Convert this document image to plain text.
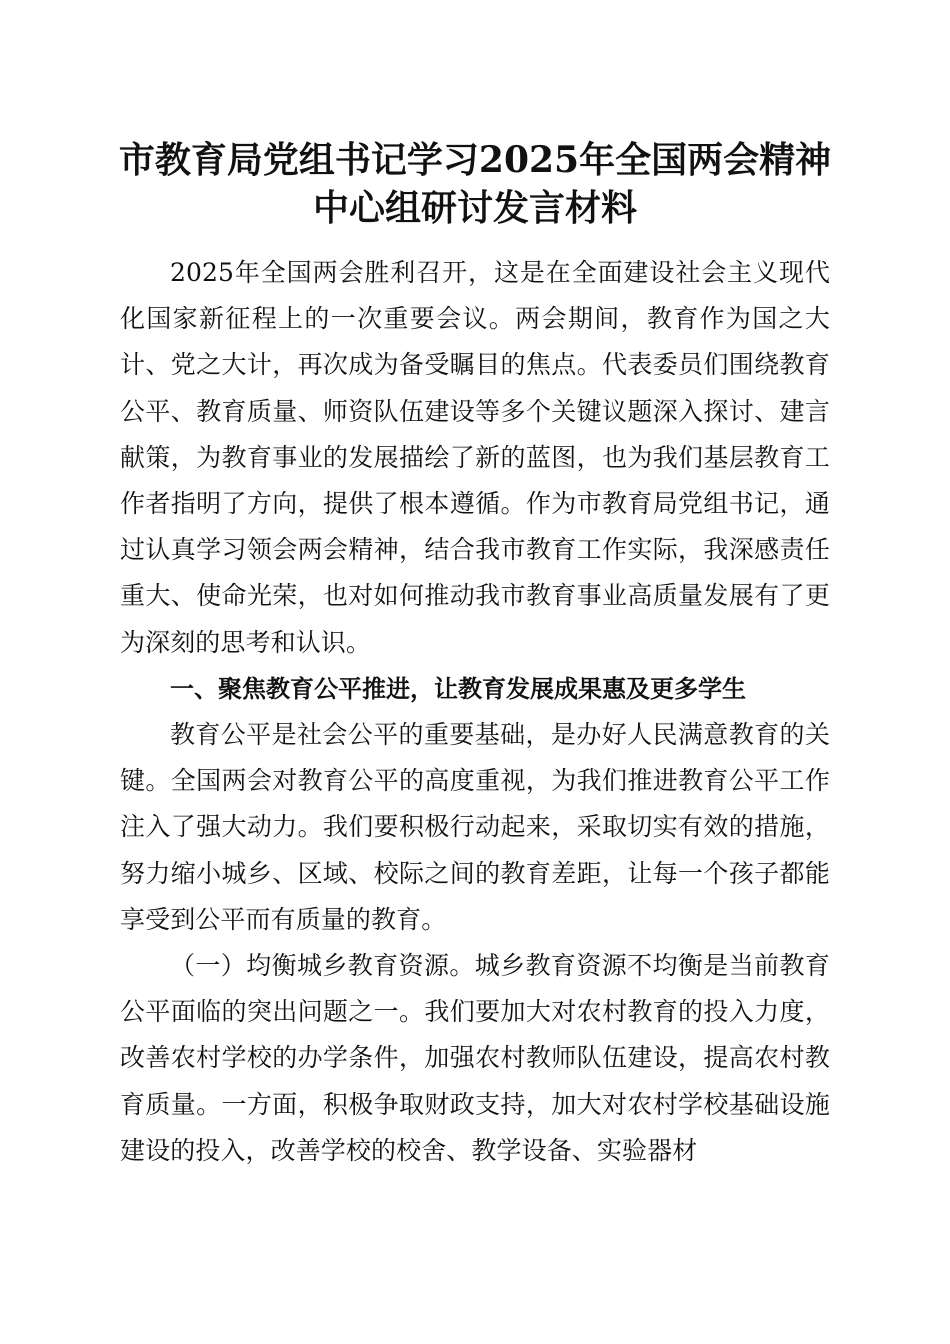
市教育局党组书记学习2025年全国两会精神
中心组研讨发言材料

2025年全国两会胜利召开，这是在全面建设社会主义现代化国家新征程上的一次重要会议。两会期间，教育作为国之大计、党之大计，再次成为备受瞩目的焦点。代表委员们围绕教育公平、教育质量、师资队伍建设等多个关键议题深入探讨、建言献策，为教育事业的发展描绘了新的蓝图，也为我们基层教育工作者指明了方向，提供了根本遵循。作为市教育局党组书记，通过认真学习领会两会精神，结合我市教育工作实际，我深感责任重大、使命光荣，也对如何推动我市教育事业高质量发展有了更为深刻的思考和认识。

一、聚焦教育公平推进，让教育发展成果惠及更多学生

教育公平是社会公平的重要基础，是办好人民满意教育的关键。全国两会对教育公平的高度重视，为我们推进教育公平工作注入了强大动力。我们要积极行动起来，采取切实有效的措施，努力缩小城乡、区域、校际之间的教育差距，让每一个孩子都能享受到公平而有质量的教育。

（一）均衡城乡教育资源。城乡教育资源不均衡是当前教育公平面临的突出问题之一。我们要加大对农村教育的投入力度，改善农村学校的办学条件，加强农村教师队伍建设，提高农村教育质量。一方面，积极争取财政支持，加大对农村学校基础设施建设的投入，改善学校的校舍、教学设备、实验器材
